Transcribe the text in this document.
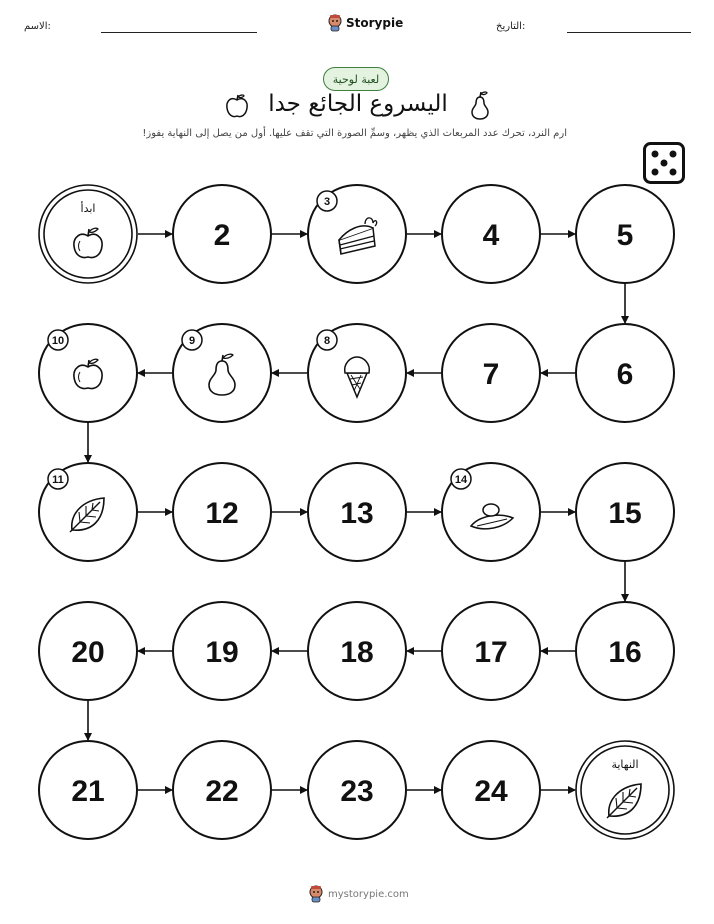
الاسم:	التاريخ:
Storypie
لعبة لوحية
اليسروع الجائع جدا
ارم النرد، تحرك عدد المربعات الذي يظهر، وسمِّ الصورة التي تقف عليها. أول من يصل إلى النهاية يفوز!
ابدأ
2
3
4	5
6
7
8
9
10
11
12	13
14
15
16
17
18
19
20
21	22	23	24
النهاية
mystorypie.com
